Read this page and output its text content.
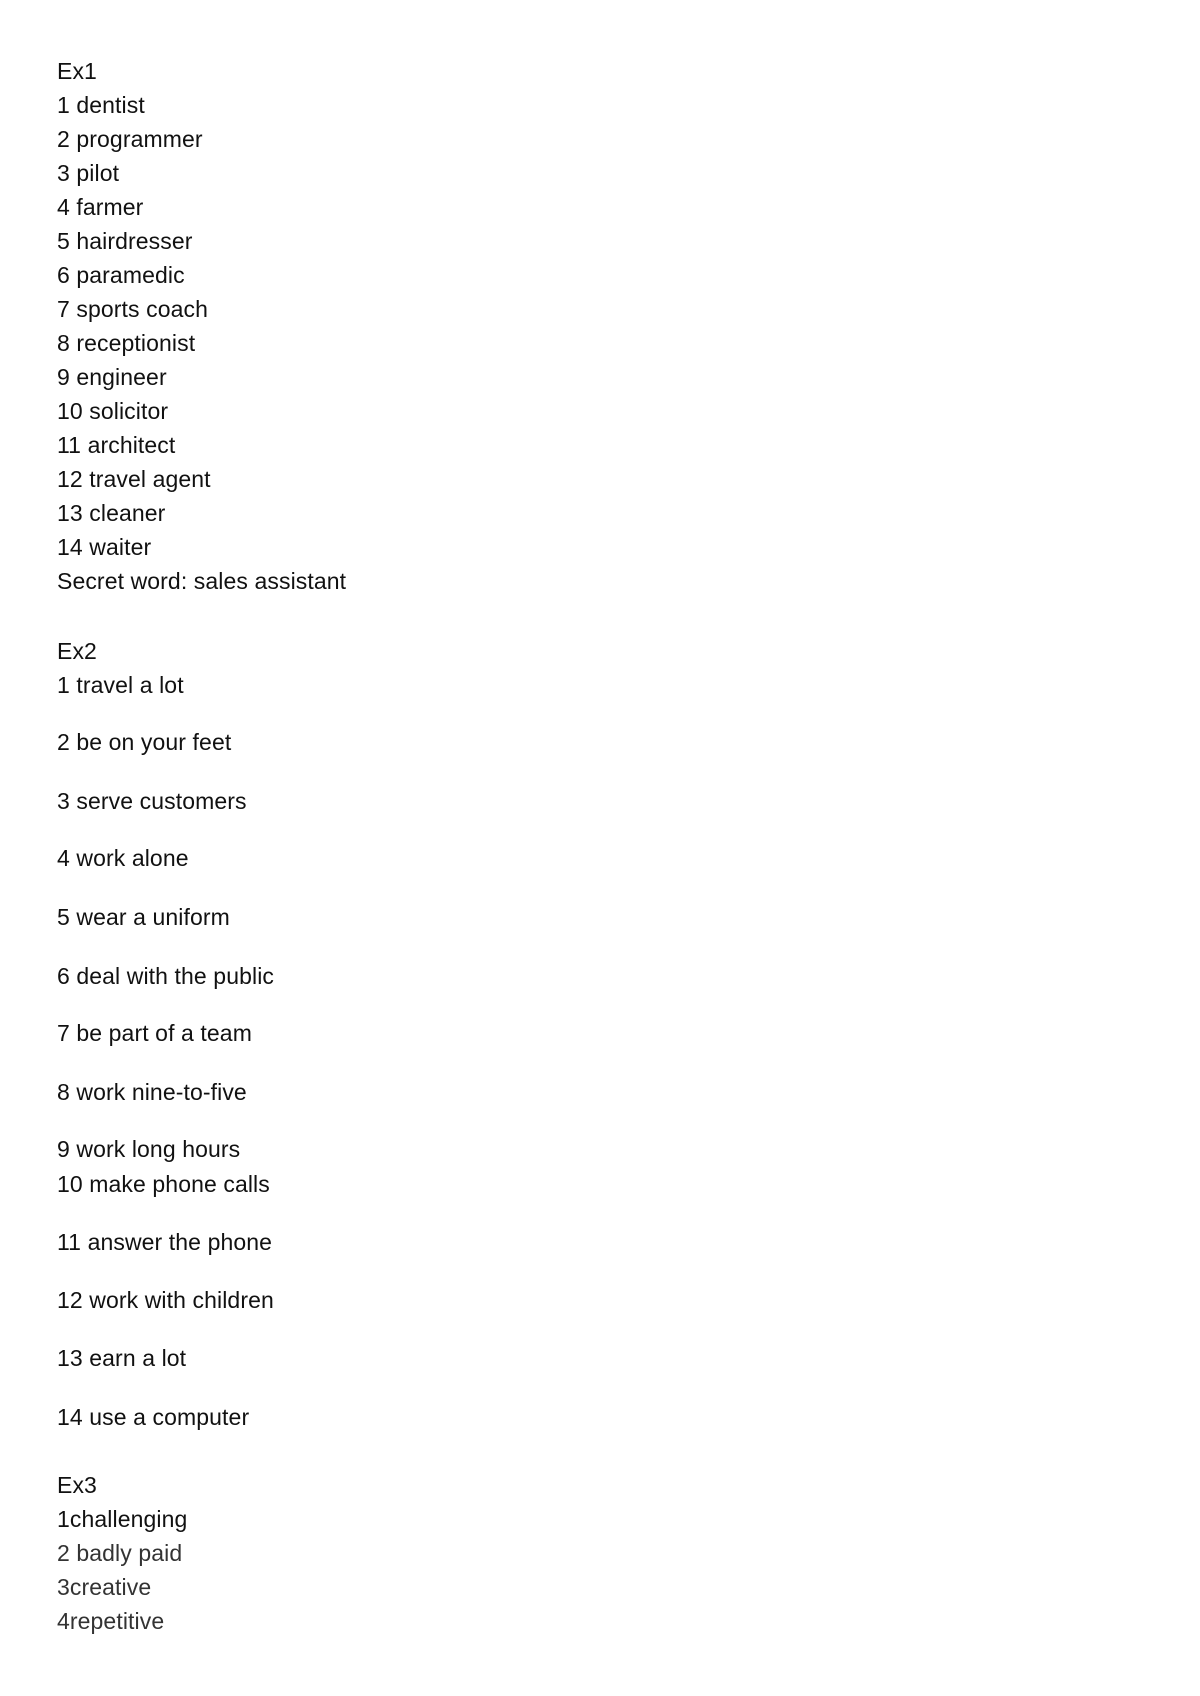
Ex1
1 dentist
2 programmer
3 pilot
4 farmer
5 hairdresser
6 paramedic
7 sports coach
8 receptionist
9 engineer
10 solicitor
11 architect
12 travel agent
13 cleaner
14 waiter
Secret word: sales assistant
Ex2
1 travel a lot
2 be on your feet
3 serve customers
4 work alone
5 wear a uniform
6 deal with the public
7 be part of a team
8 work nine-to-five
9 work long hours
10 make phone calls
11 answer the phone
12 work with children
13 earn a lot
14 use a computer
Ex3
1challenging
2 badly paid
3creative
4repetitive
